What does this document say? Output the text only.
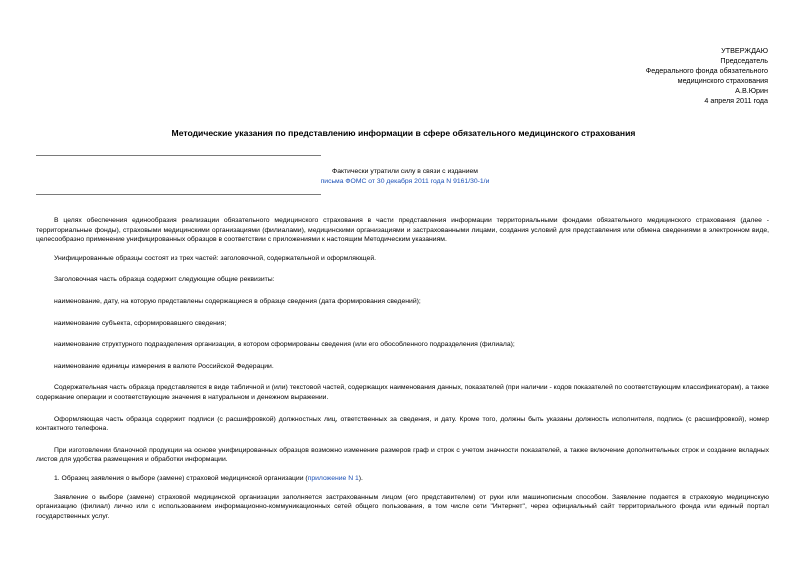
УТВЕРЖДАЮ
Председатель
Федерального фонда обязательного
медицинского страхования
А.В.Юрин
4 апреля 2011 года
Методические указания по представлению информации в сфере обязательного медицинского страхования
Фактически утратили силу в связи с изданием
письма ФОМС от 30 декабря 2011 года N 9161/30-1/и

В целях обеспечения единообразия реализации обязательного медицинского страхования в части представления информации территориальными фондами обязательного медицинского страхования (далее - территориальные фонды), страховыми медицинскими организациями (филиалами), медицинскими организациями и застрахованными лицами, создания условий для представления или обмена сведениями в электронном виде, целесообразно применение унифицированных образцов в соответствии с приложениями к настоящим Методическим указаниям.

Унифицированные образцы состоят из трех частей: заголовочной, содержательной и оформляющей.

Заголовочная часть образца содержит следующие общие реквизиты:

наименование, дату, на которую представлены содержащиеся в образце сведения (дата формирования сведений);

наименование субъекта, сформировавшего сведения;

наименование структурного подразделения организации, в котором сформированы сведения (или его обособленного подразделения (филиала);

наименование единицы измерения в валюте Российской Федерации.

Содержательная часть образца представляется в виде табличной и (или) текстовой частей, содержащих наименования данных, показателей (при наличии - кодов показателей по соответствующим классификаторам), а также содержание операции и соответствующие значения в натуральном и денежном выражении.

Оформляющая часть образца содержит подписи (с расшифровкой) должностных лиц, ответственных за сведения, и дату. Кроме того, должны быть указаны должность исполнителя, подпись (с расшифровкой), номер контактного телефона.

При изготовлении бланочной продукции на основе унифицированных образцов возможно изменение размеров граф и строк с учетом значности показателей, а также включение дополнительных строк и создание вкладных листов для удобства размещения и обработки информации.

1. Образец заявления о выборе (замене) страховой медицинской организации (приложение N 1).

Заявление о выборе (замене) страховой медицинской организации заполняется застрахованным лицом (его представителем) от руки или машинописным способом. Заявление подается в страховую медицинскую организацию (филиал) лично или с использованием информационно-коммуникационных сетей общего пользования, в том числе сети "Интернет", через официальный сайт территориального фонда или единый портал государственных услуг.
